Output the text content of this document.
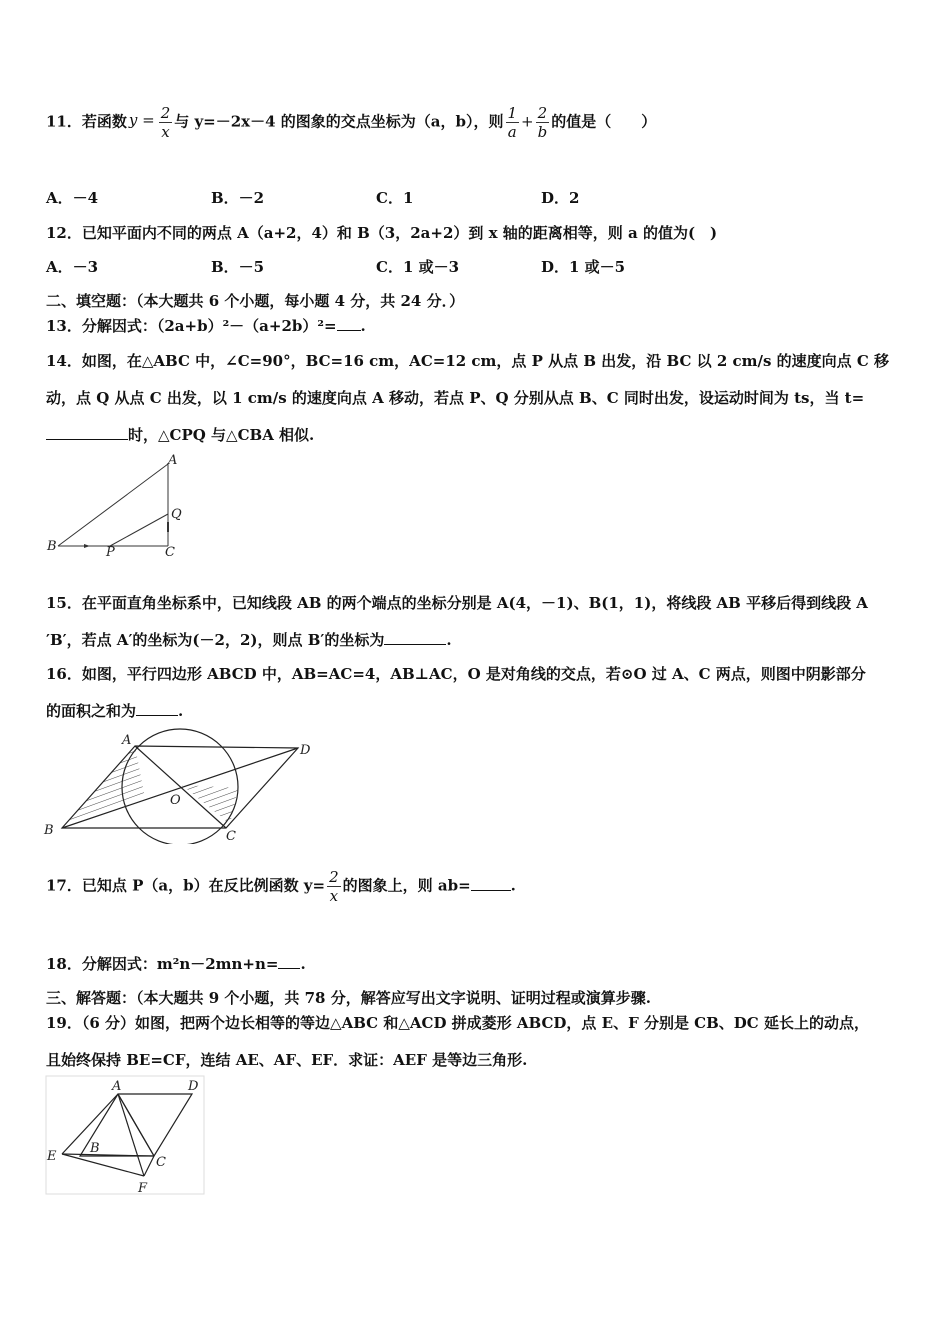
11．若函数 $y = \frac{2}{x}$ 与 y=－2x－4 的图象的交点坐标为（a，b），则 $\frac{1}{a} + \frac{2}{b}$ 的值是（　　）
A．－4	B．－2	C．1	D．2
12．已知平面内不同的两点 A（a+2，4）和 B（3，2a+2）到 x 轴的距离相等，则 a 的值为(　)
A．－3	B．－5	C．1 或－3	D．1 或－5
二、填空题：（本大题共 6 个小题，每小题 4 分，共 24 分．）
13．分解因式：（2a+b）²－（a+2b）²= .
14．如图，在△ABC 中，∠C=90°，BC=16 cm，AC=12 cm，点 P 从点 B 出发，沿 BC 以 2 cm/s 的速度向点 C 移
动，点 Q 从点 C 出发，以 1 cm/s 的速度向点 A 移动，若点 P、Q 分别从点 B、C 同时出发，设运动时间为 ts，当 t=
时，△CPQ 与△CBA 相似.
A
B	C
P
Q
15．在平面直角坐标系中，已知线段 AB 的两个端点的坐标分别是 A(4，－1)、B(1，1)，将线段 AB 平移后得到线段 A
′B′，若点 A′的坐标为(－2，2)，则点 B′的坐标为	.
16．如图，平行四边形 ABCD 中，AB=AC=4，AB⊥AC，O 是对角线的交点，若⊙O 过 A、C 两点，则图中阴影部分
的面积之和为	.
A
B	C
D
O
17．已知点 P（a，b）在反比例函数 $y= \frac{2}{x}$ 的图象上，则 ab=	.
18．分解因式：m²n－2mn+n= .
三、解答题：（本大题共 9 个小题，共 78 分，解答应写出文字说明、证明过程或演算步骤.
19．（6 分）如图，把两个边长相等的等边△ABC 和△ACD 拼成菱形 ABCD，点 E、F 分别是 CB、DC 延长上的动点，
且始终保持 BE=CF，连结 AE、AF、EF．求证：AEF 是等边三角形.
A
B
C
D
E
F
